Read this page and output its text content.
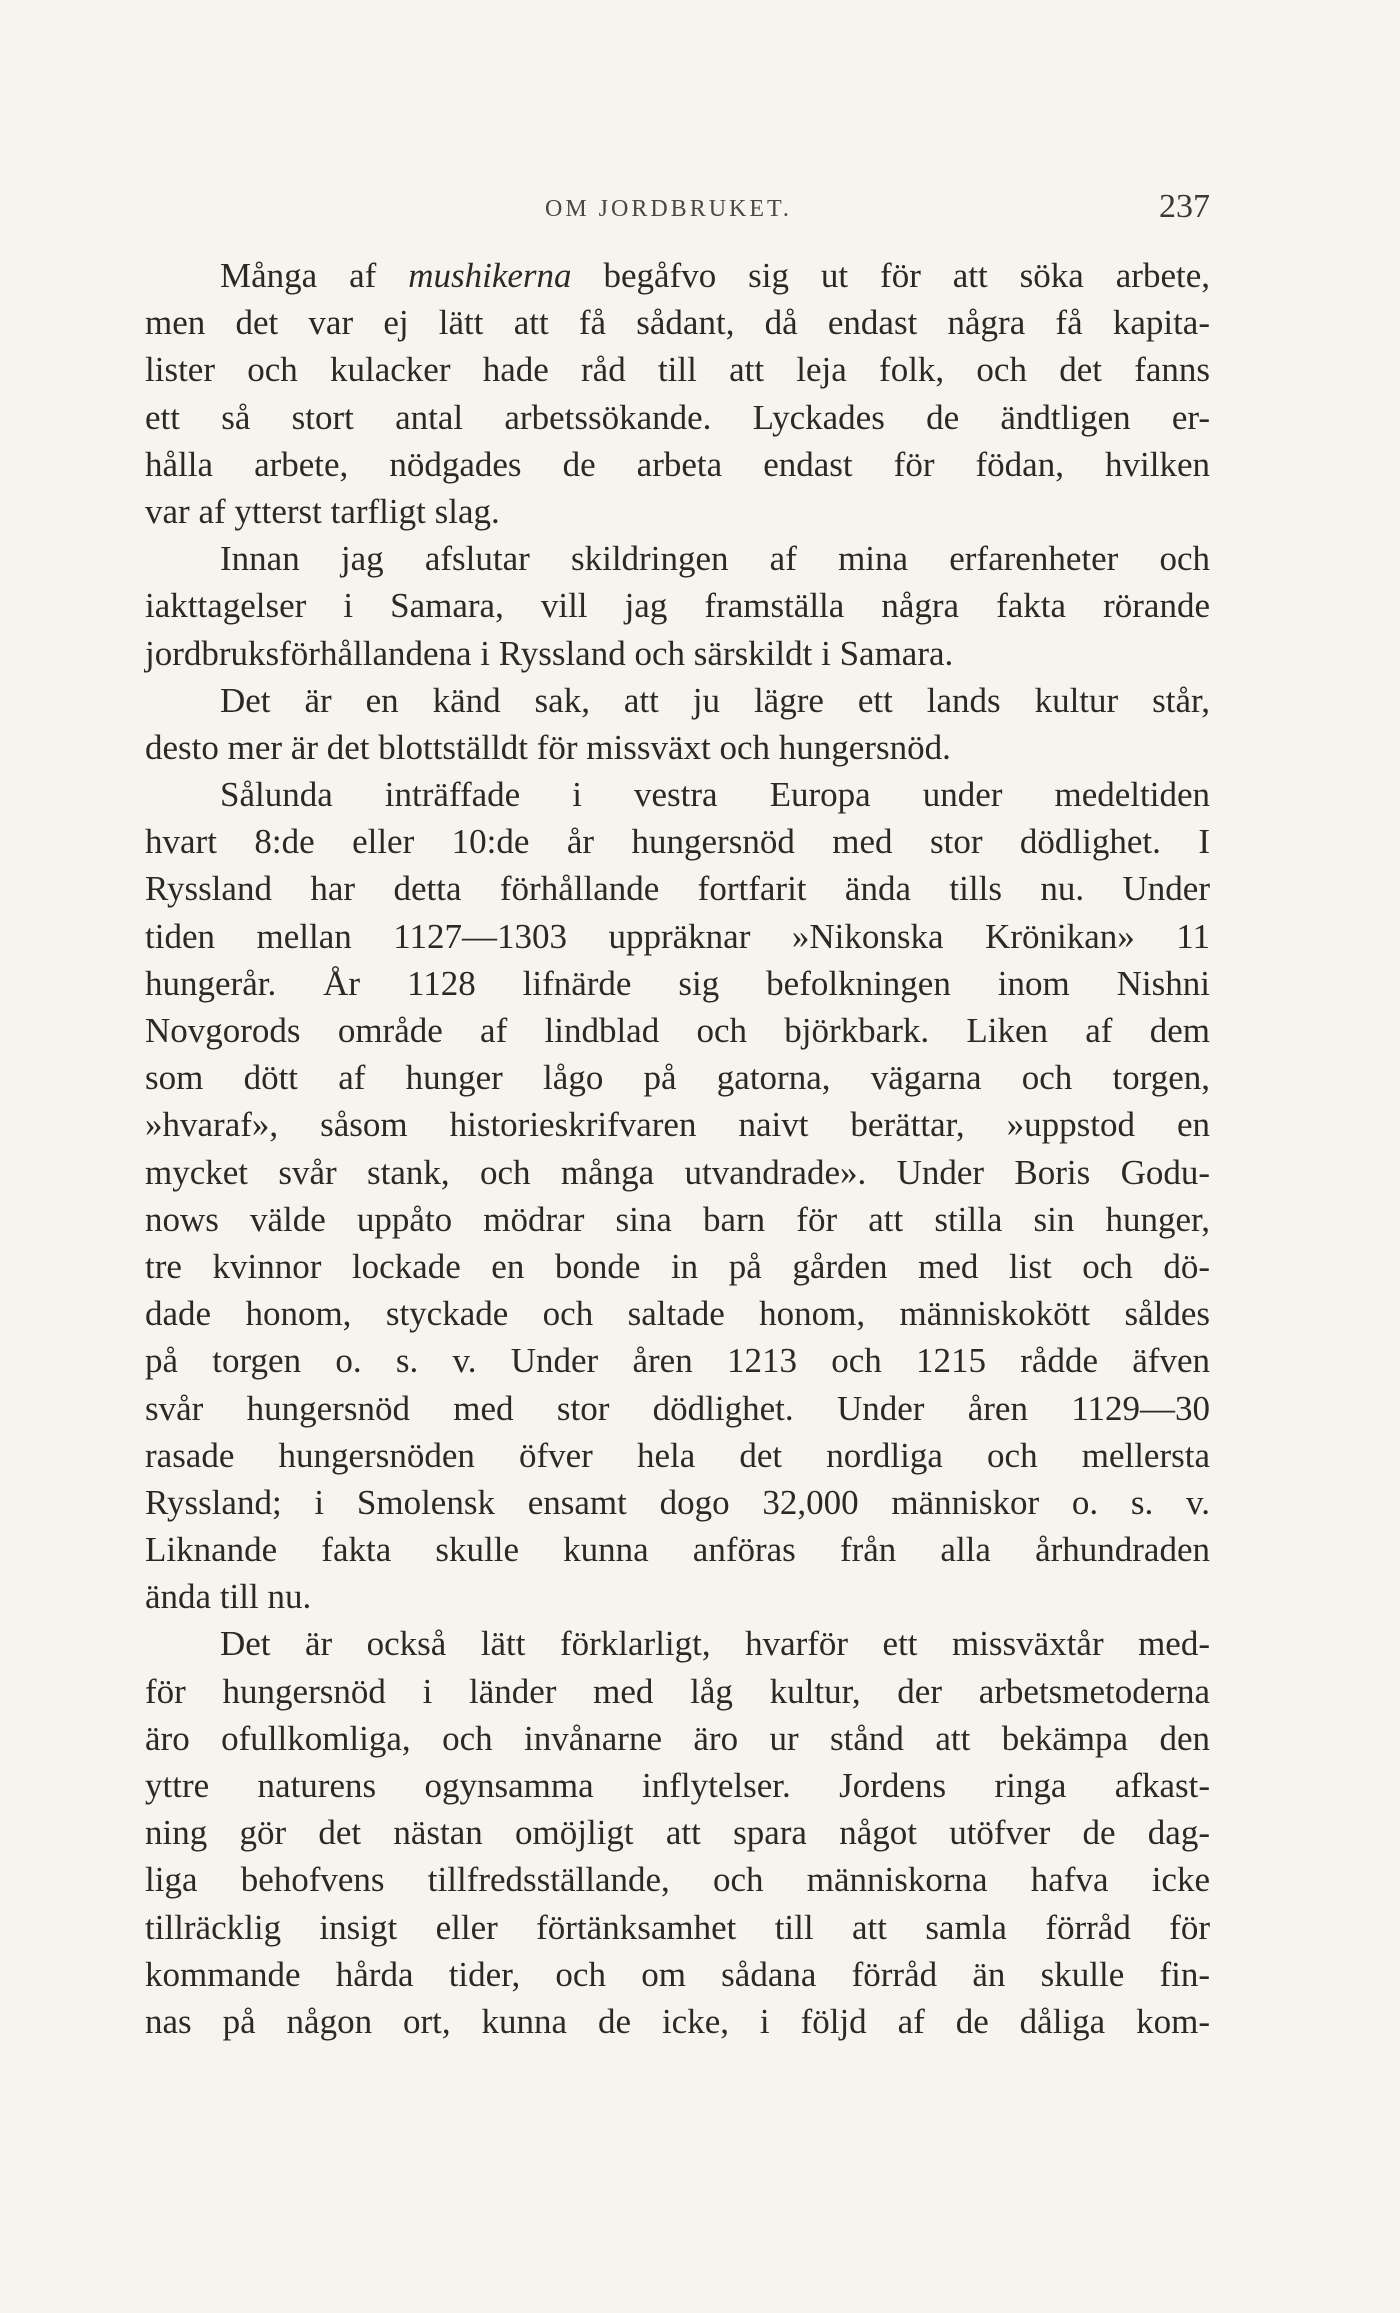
OM JORDBRUKET.	237
Många af mushikerna begåfvo sig ut för att söka arbete,
men det var ej lätt att få sådant, då endast några få kapita-
lister och kulacker hade råd till att leja folk, och det fanns
ett så stort antal arbetssökande. Lyckades de ändtligen er-
hålla arbete, nödgades de arbeta endast för födan, hvilken
var af ytterst tarfligt slag.
Innan jag afslutar skildringen af mina erfarenheter och
iakttagelser i Samara, vill jag framställa några fakta rörande
jordbruksförhållandena i Ryssland och särskildt i Samara.
Det är en känd sak, att ju lägre ett lands kultur står,
desto mer är det blottställdt för missväxt och hungersnöd.
Sålunda inträffade i vestra Europa under medeltiden
hvart 8:de eller 10:de år hungersnöd med stor dödlighet. I
Ryssland har detta förhållande fortfarit ända tills nu. Under
tiden mellan 1127—1303 uppräknar »Nikonska Krönikan» 11
hungerår. År 1128 lifnärde sig befolkningen inom Nishni
Novgorods område af lindblad och björkbark. Liken af dem
som dött af hunger lågo på gatorna, vägarna och torgen,
»hvaraf», såsom historieskrifvaren naivt berättar, »uppstod en
mycket svår stank, och många utvandrade». Under Boris Godu-
nows välde uppåto mödrar sina barn för att stilla sin hunger,
tre kvinnor lockade en bonde in på gården med list och dö-
dade honom, styckade och saltade honom, människokött såldes
på torgen o. s. v. Under åren 1213 och 1215 rådde äfven
svår hungersnöd med stor dödlighet. Under åren 1129—30
rasade hungersnöden öfver hela det nordliga och mellersta
Ryssland; i Smolensk ensamt dogo 32,000 människor o. s. v.
Liknande fakta skulle kunna anföras från alla århundraden
ända till nu.
Det är också lätt förklarligt, hvarför ett missväxtår med-
för hungersnöd i länder med låg kultur, der arbetsmetoderna
äro ofullkomliga, och invånarne äro ur stånd att bekämpa den
yttre naturens ogynsamma inflytelser. Jordens ringa afkast-
ning gör det nästan omöjligt att spara något utöfver de dag-
liga behofvens tillfredsställande, och människorna hafva icke
tillräcklig insigt eller förtänksamhet till att samla förråd för
kommande hårda tider, och om sådana förråd än skulle fin-
nas på någon ort, kunna de icke, i följd af de dåliga kom-
